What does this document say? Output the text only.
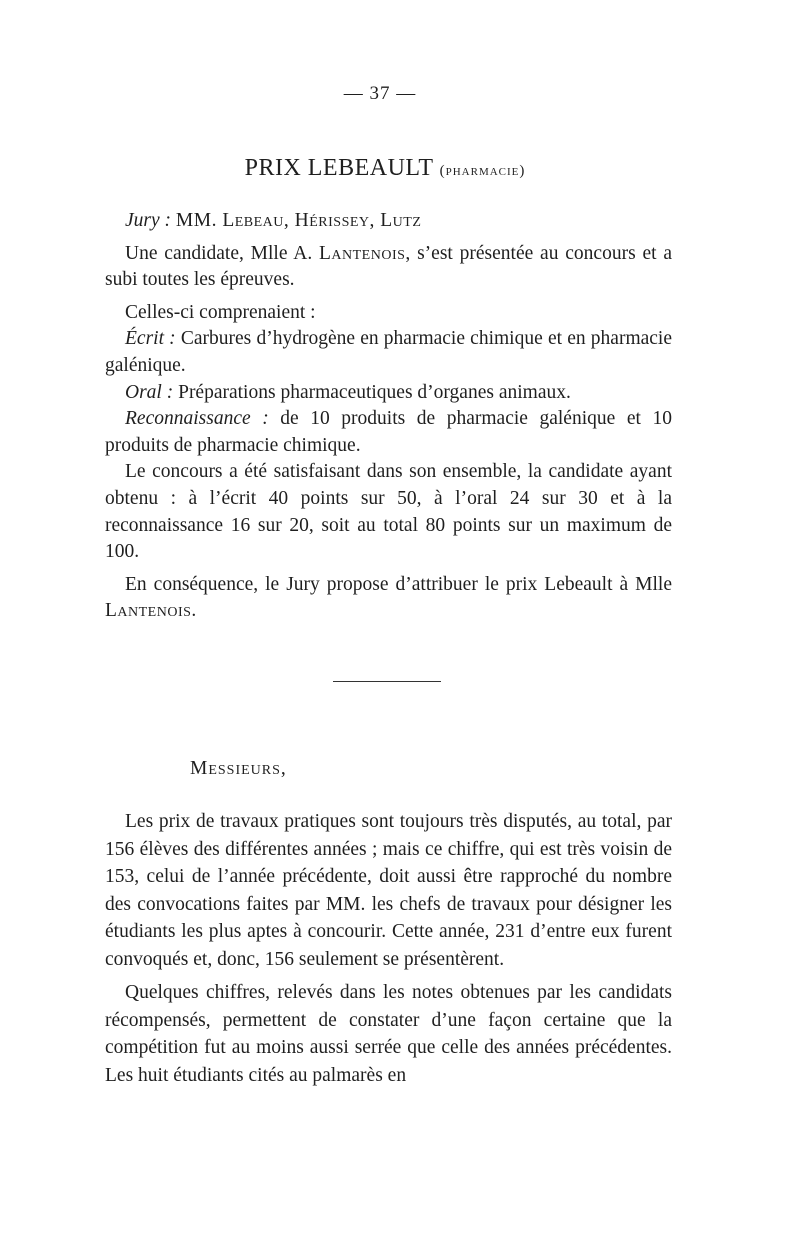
— 37 —
PRIX LEBEAULT (pharmacie)

Jury : MM. Lebeau, Hérissey, Lutz

Une candidate, Mlle A. Lantenois, s’est présentée au concours et a subi toutes les épreuves.

Celles-ci comprenaient :

Écrit : Carbures d’hydrogène en pharmacie chimique et en pharmacie galénique.

Oral : Préparations pharmaceutiques d’organes animaux.

Reconnaissance : de 10 produits de pharmacie galénique et 10 produits de pharmacie chimique.

Le concours a été satisfaisant dans son ensemble, la candidate ayant obtenu : à l’écrit 40 points sur 50, à l’oral 24 sur 30 et à la reconnaissance 16 sur 20, soit au total 80 points sur un maximum de 100.

En conséquence, le Jury propose d’attribuer le prix Lebeault à Mlle Lantenois.

Messieurs,

Les prix de travaux pratiques sont toujours très disputés, au total, par 156 élèves des différentes années ; mais ce chiffre, qui est très voisin de 153, celui de l’année précédente, doit aussi être rapproché du nombre des convocations faites par MM. les chefs de travaux pour désigner les étudiants les plus aptes à concourir. Cette année, 231 d’entre eux furent convoqués et, donc, 156 seulement se présentèrent.

Quelques chiffres, relevés dans les notes obtenues par les candidats récompensés, permettent de constater d’une façon certaine que la compétition fut au moins aussi serrée que celle des années précédentes. Les huit étudiants cités au palmarès en
